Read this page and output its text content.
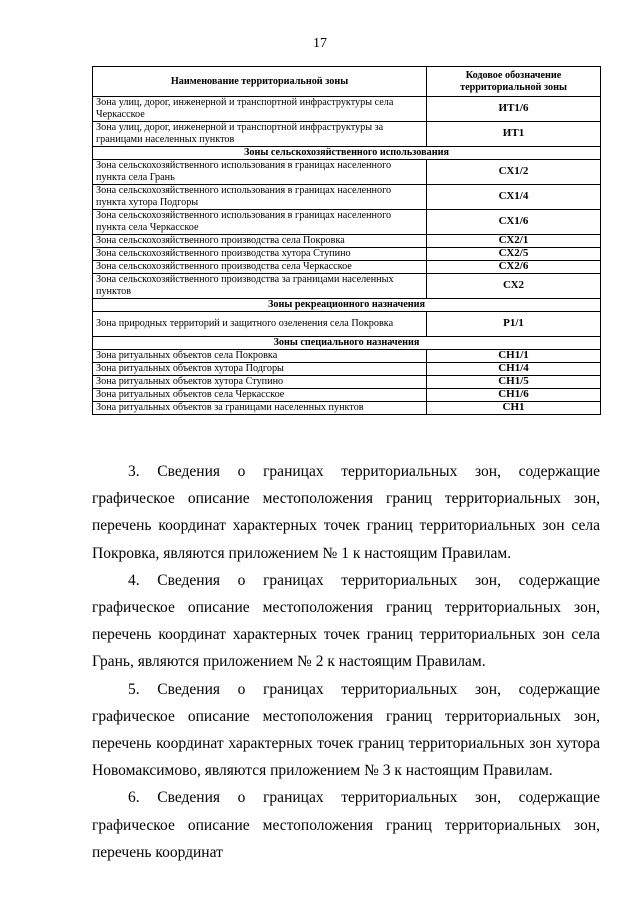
17
Наименование территориальной зоны	Кодовое обозначение территориальной зоны
Зона улиц, дорог, инженерной и транспортной инфраструктуры села Черкасское	ИТ1/6
Зона улиц, дорог, инженерной и транспортной инфраструктуры за границами населенных пунктов	ИТ1
Зоны сельскохозяйственного использования	
Зона сельскохозяйственного использования в границах населенного пункта села Грань	СХ1/2
Зона сельскохозяйственного использования в границах населенного пункта хутора Подгоры	СХ1/4
Зона сельскохозяйственного использования в границах населенного пункта села Черкасское	СХ1/6
Зона сельскохозяйственного производства села Покровка	СХ2/1
Зона сельскохозяйственного производства хутора Ступино	СХ2/5
Зона сельскохозяйственного производства села Черкасское	СХ2/6
Зона сельскохозяйственного производства за границами населенных пунктов	СХ2
Зоны рекреационного назначения	
Зона природных территорий и защитного озеленения села Покровка	Р1/1
Зоны специального назначения	
Зона ритуальных объектов села Покровка	СН1/1
Зона ритуальных объектов хутора Подгоры	СН1/4
Зона ритуальных объектов хутора Ступино	СН1/5
Зона ритуальных объектов села Черкасское	СН1/6
Зона ритуальных объектов за границами населенных пунктов	СН1

3. Сведения о границах территориальных зон, содержащие графическое описание местоположения границ территориальных зон, перечень координат характерных точек границ территориальных зон села Покровка, являются приложением № 1 к настоящим Правилам.

4. Сведения о границах территориальных зон, содержащие графическое описание местоположения границ территориальных зон, перечень координат характерных точек границ территориальных зон села Грань, являются приложением № 2 к настоящим Правилам.

5. Сведения о границах территориальных зон, содержащие графическое описание местоположения границ территориальных зон, перечень координат характерных точек границ территориальных зон хутора Новомаксимово, являются приложением № 3 к настоящим Правилам.

6. Сведения о границах территориальных зон, содержащие графическое описание местоположения границ территориальных зон, перечень координат
